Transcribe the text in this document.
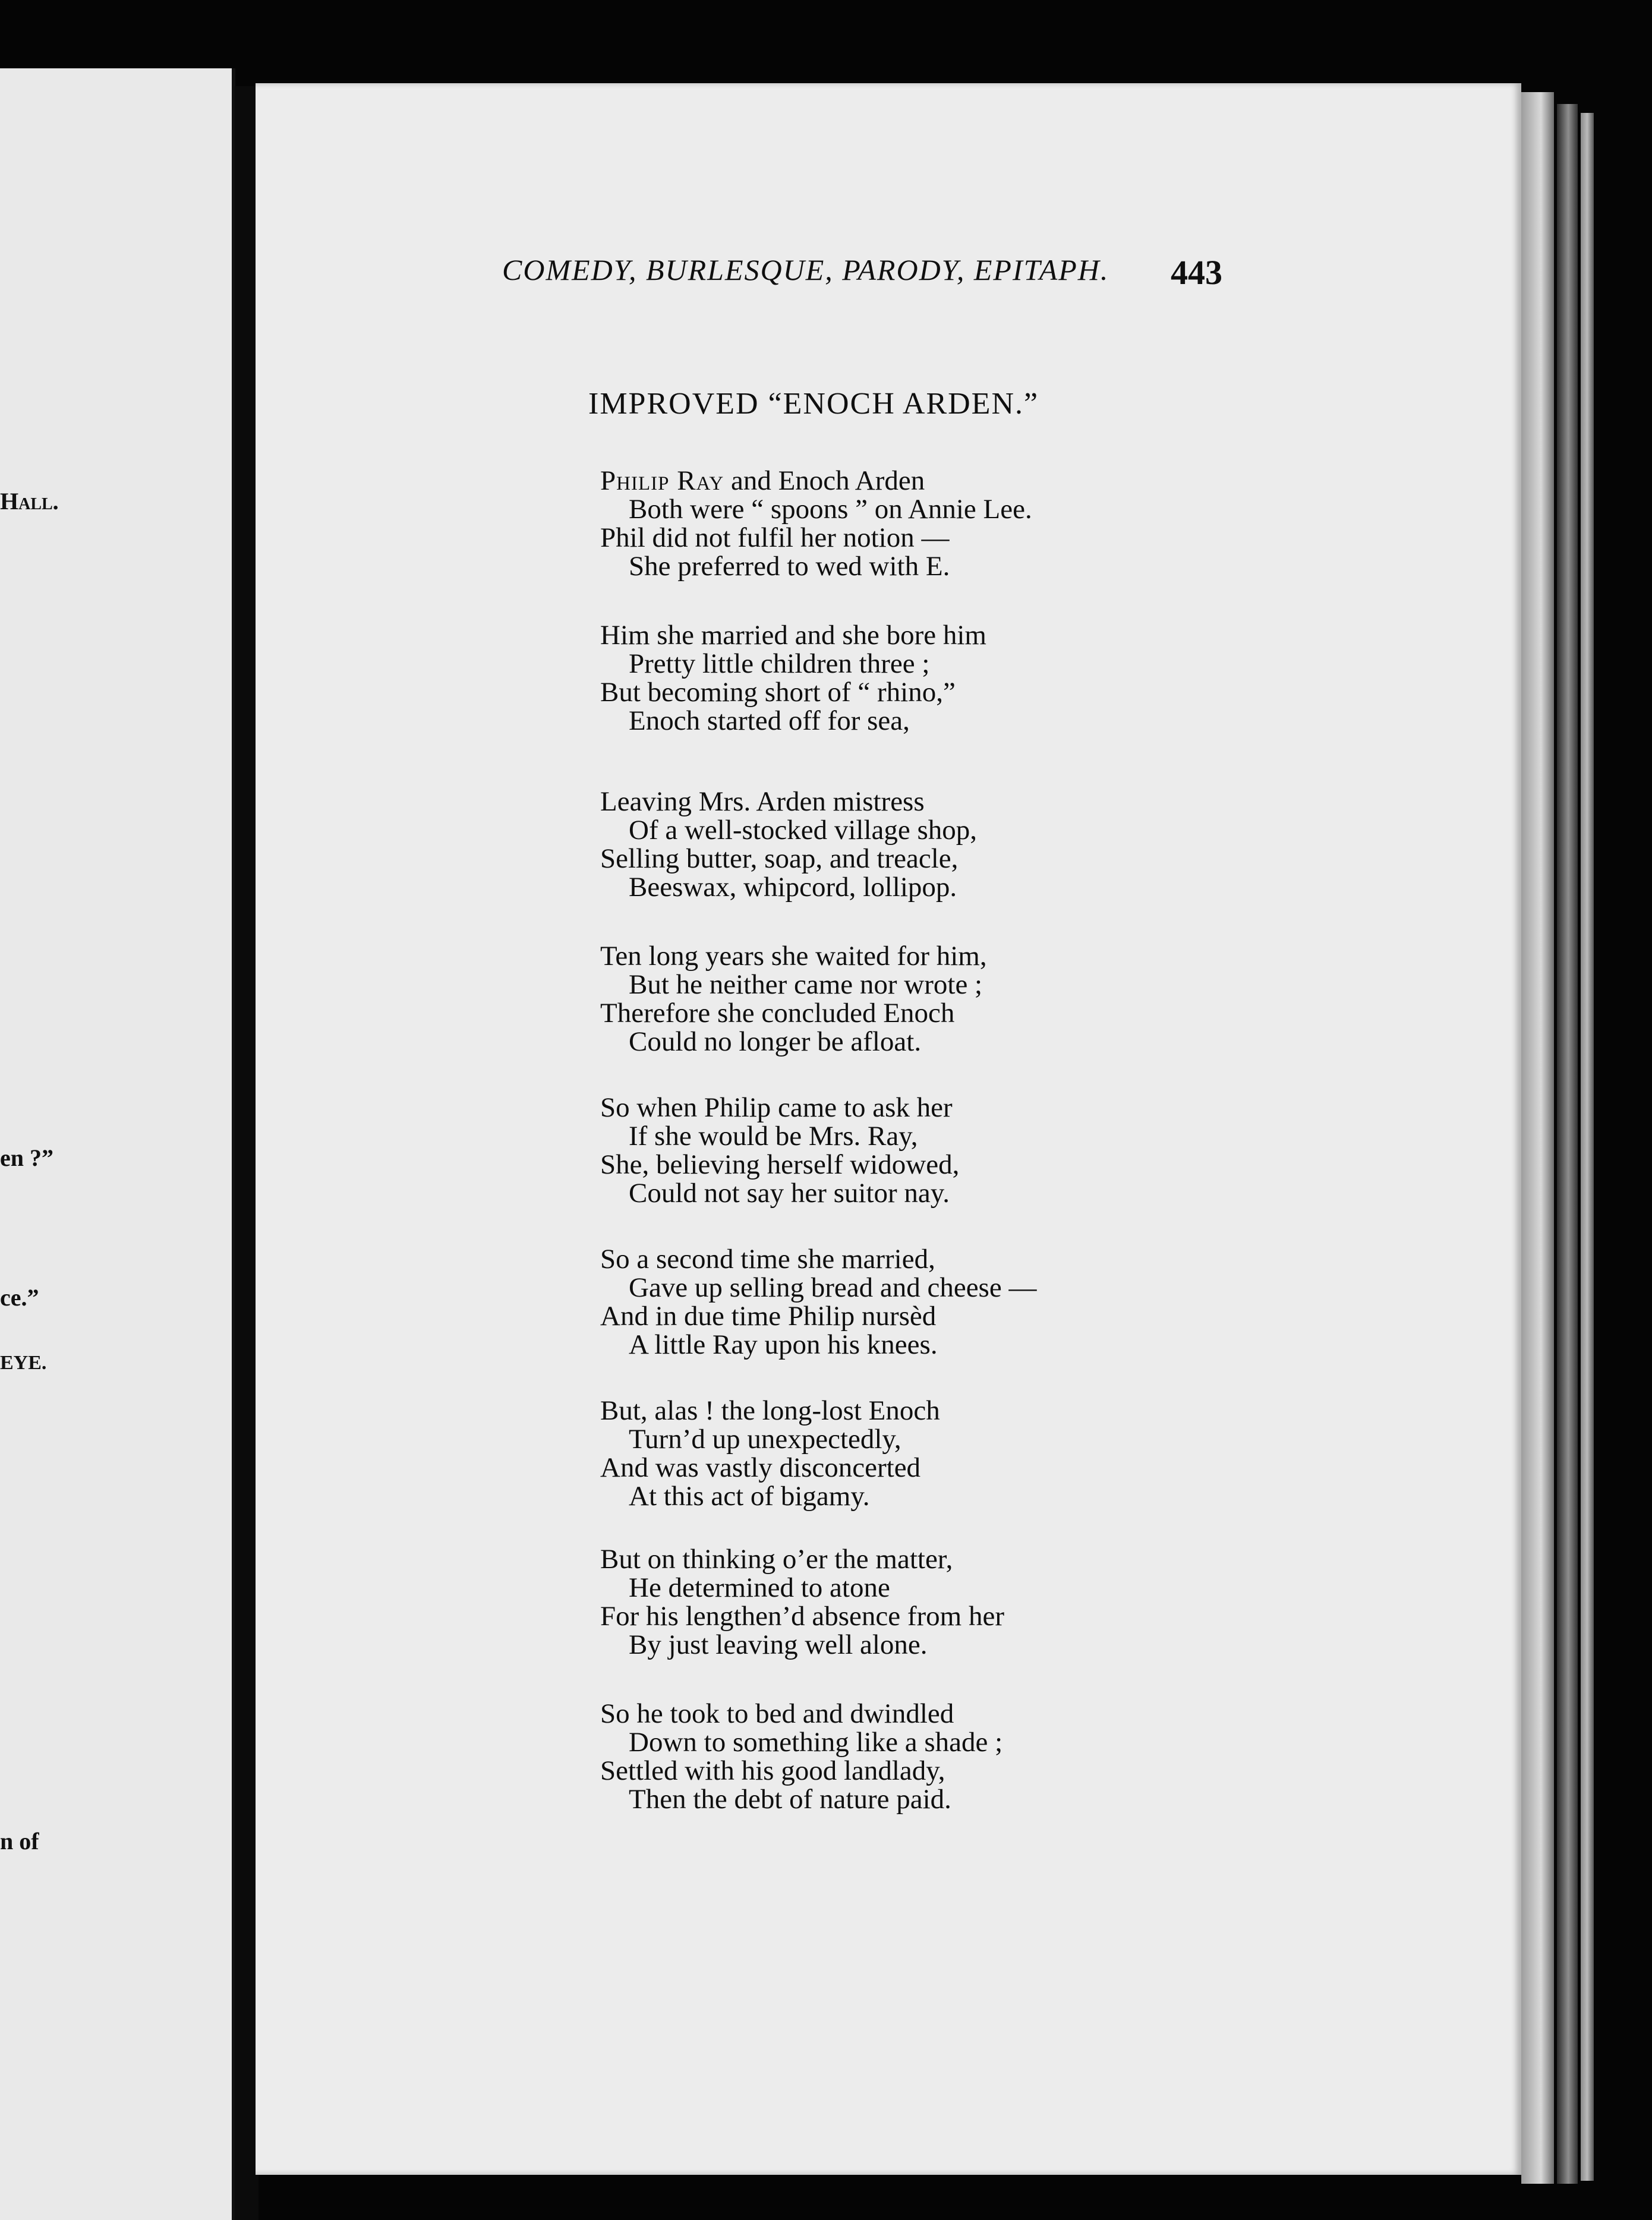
Hall.
en ?”
ce.”
EYE.
n of
COMEDY, BURLESQUE, PARODY, EPITAPH. 443
IMPROVED “ENOCH ARDEN.”
Philip Ray and Enoch Arden
Both were “ spoons ” on Annie Lee.
Phil did not fulfil her notion —
She preferred to wed with E.
Him she married and she bore him
Pretty little children three ;
But becoming short of “ rhino,”
Enoch started off for sea,
Leaving Mrs. Arden mistress
Of a well-stocked village shop,
Selling butter, soap, and treacle,
Beeswax, whipcord, lollipop.
Ten long years she waited for him,
But he neither came nor wrote ;
Therefore she concluded Enoch
Could no longer be afloat.
So when Philip came to ask her
If she would be Mrs. Ray,
She, believing herself widowed,
Could not say her suitor nay.
So a second time she married,
Gave up selling bread and cheese —
And in due time Philip nursèd
A little Ray upon his knees.
But, alas ! the long-lost Enoch
Turn’d up unexpectedly,
And was vastly disconcerted
At this act of bigamy.
But on thinking o’er the matter,
He determined to atone
For his lengthen’d absence from her
By just leaving well alone.
So he took to bed and dwindled
Down to something like a shade ;
Settled with his good landlady,
Then the debt of nature paid.
